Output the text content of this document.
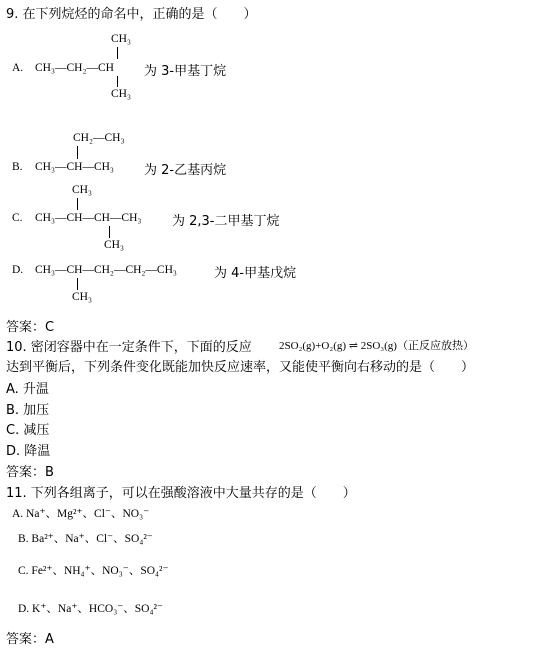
9. 在下列烷烃的命名中，正确的是（　　）
A.
CH₃
CH₃—CH₂—CH
CH₃
为 3-甲基丁烷
CH₂—CH₃
B. CH₃—CH—CH₃ 为 2-乙基丙烷
CH₃
C. CH₃—CH—CH—CH₃
CH₃
为 2,3-二甲基丁烷
D. CH₃—CH—CH₂—CH₂—CH₃
CH₃
为 4-甲基戊烷
答案：C
10. 密闭容器中在一定条件下，下面的反应 2SO₂(g)+O₂(g) ⇌ 2SO₃(g)（正反应放热）
达到平衡后，下列条件变化既能加快反应速率，又能使平衡向右移动的是（　　）
A. 升温
B. 加压
C. 减压
D. 降温
答案：B
11. 下列各组离子，可以在强酸溶液中大量共存的是（　　）
A. Na⁺、Mg²⁺、Cl⁻、NO₃⁻
B. Ba²⁺、Na⁺、Cl⁻、SO₄²⁻
C. Fe²⁺、NH₄⁺、NO₃⁻、SO₄²⁻
D. K⁺、Na⁺、HCO₃⁻、SO₄²⁻
答案：A
